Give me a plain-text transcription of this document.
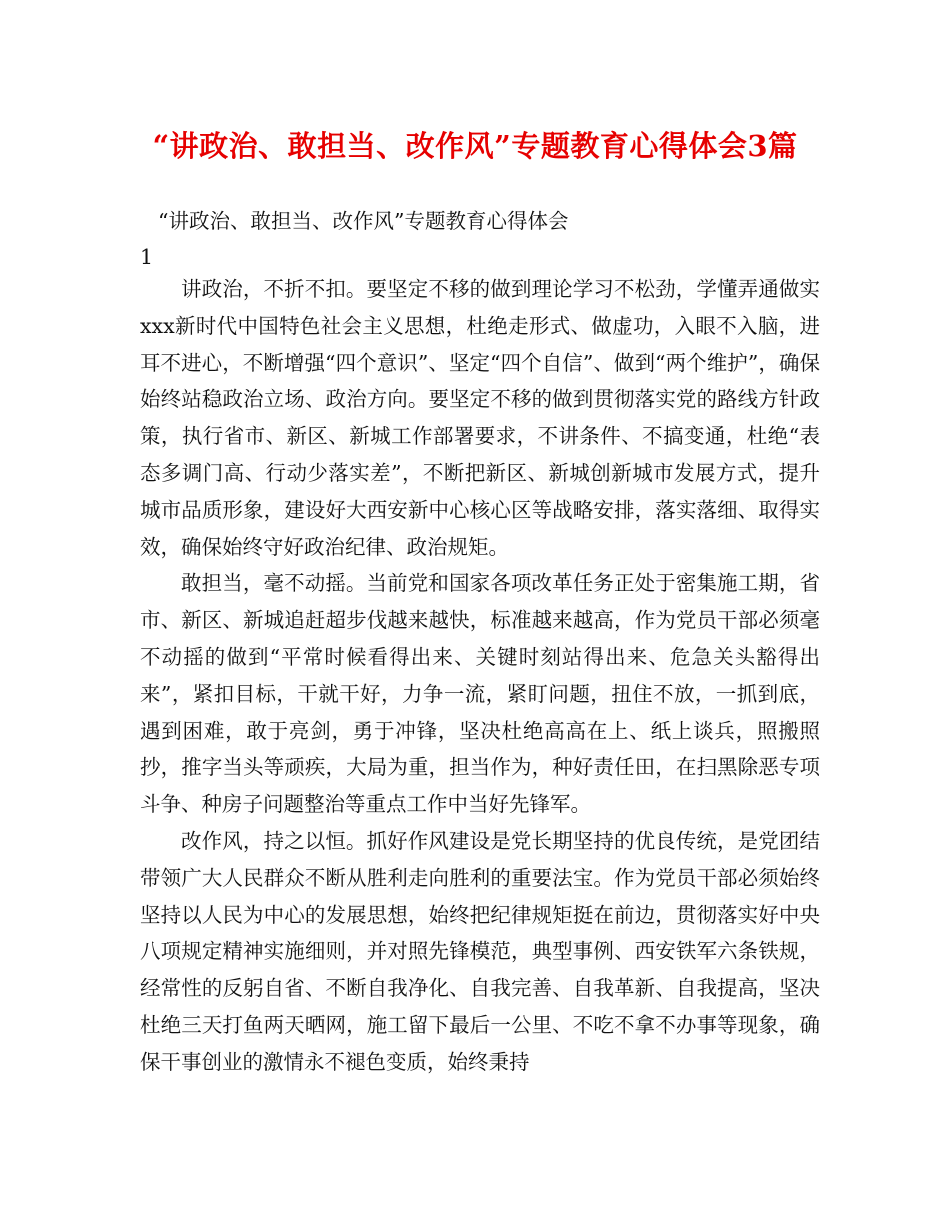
“讲政治、敢担当、改作风”专题教育心得体会3篇
“讲政治、敢担当、改作风”专题教育心得体会
1

讲政治，不折不扣。要坚定不移的做到理论学习不松劲，学懂弄通做实xxx新时代中国特色社会主义思想，杜绝走形式、做虚功，入眼不入脑，进耳不进心，不断增强“四个意识”、坚定“四个自信”、做到“两个维护”，确保始终站稳政治立场、政治方向。要坚定不移的做到贯彻落实党的路线方针政策，执行省市、新区、新城工作部署要求，不讲条件、不搞变通，杜绝“表态多调门高、行动少落实差”，不断把新区、新城创新城市发展方式，提升城市品质形象，建设好大西安新中心核心区等战略安排，落实落细、取得实效，确保始终守好政治纪律、政治规矩。

敢担当，毫不动摇。当前党和国家各项改革任务正处于密集施工期，省市、新区、新城追赶超步伐越来越快，标准越来越高，作为党员干部必须毫不动摇的做到“平常时候看得出来、关键时刻站得出来、危急关头豁得出来”，紧扣目标，干就干好，力争一流，紧盯问题，扭住不放，一抓到底，遇到困难，敢于亮剑，勇于冲锋，坚决杜绝高高在上、纸上谈兵，照搬照抄，推字当头等顽疾，大局为重，担当作为，种好责任田，在扫黑除恶专项斗争、种房子问题整治等重点工作中当好先锋军。

改作风，持之以恒。抓好作风建设是党长期坚持的优良传统，是党团结带领广大人民群众不断从胜利走向胜利的重要法宝。作为党员干部必须始终坚持以人民为中心的发展思想，始终把纪律规矩挺在前边，贯彻落实好中央八项规定精神实施细则，并对照先锋模范，典型事例、西安铁军六条铁规，经常性的反躬自省、不断自我净化、自我完善、自我革新、自我提高，坚决杜绝三天打鱼两天晒网，施工留下最后一公里、不吃不拿不办事等现象，确保干事创业的激情永不褪色变质，始终秉持
